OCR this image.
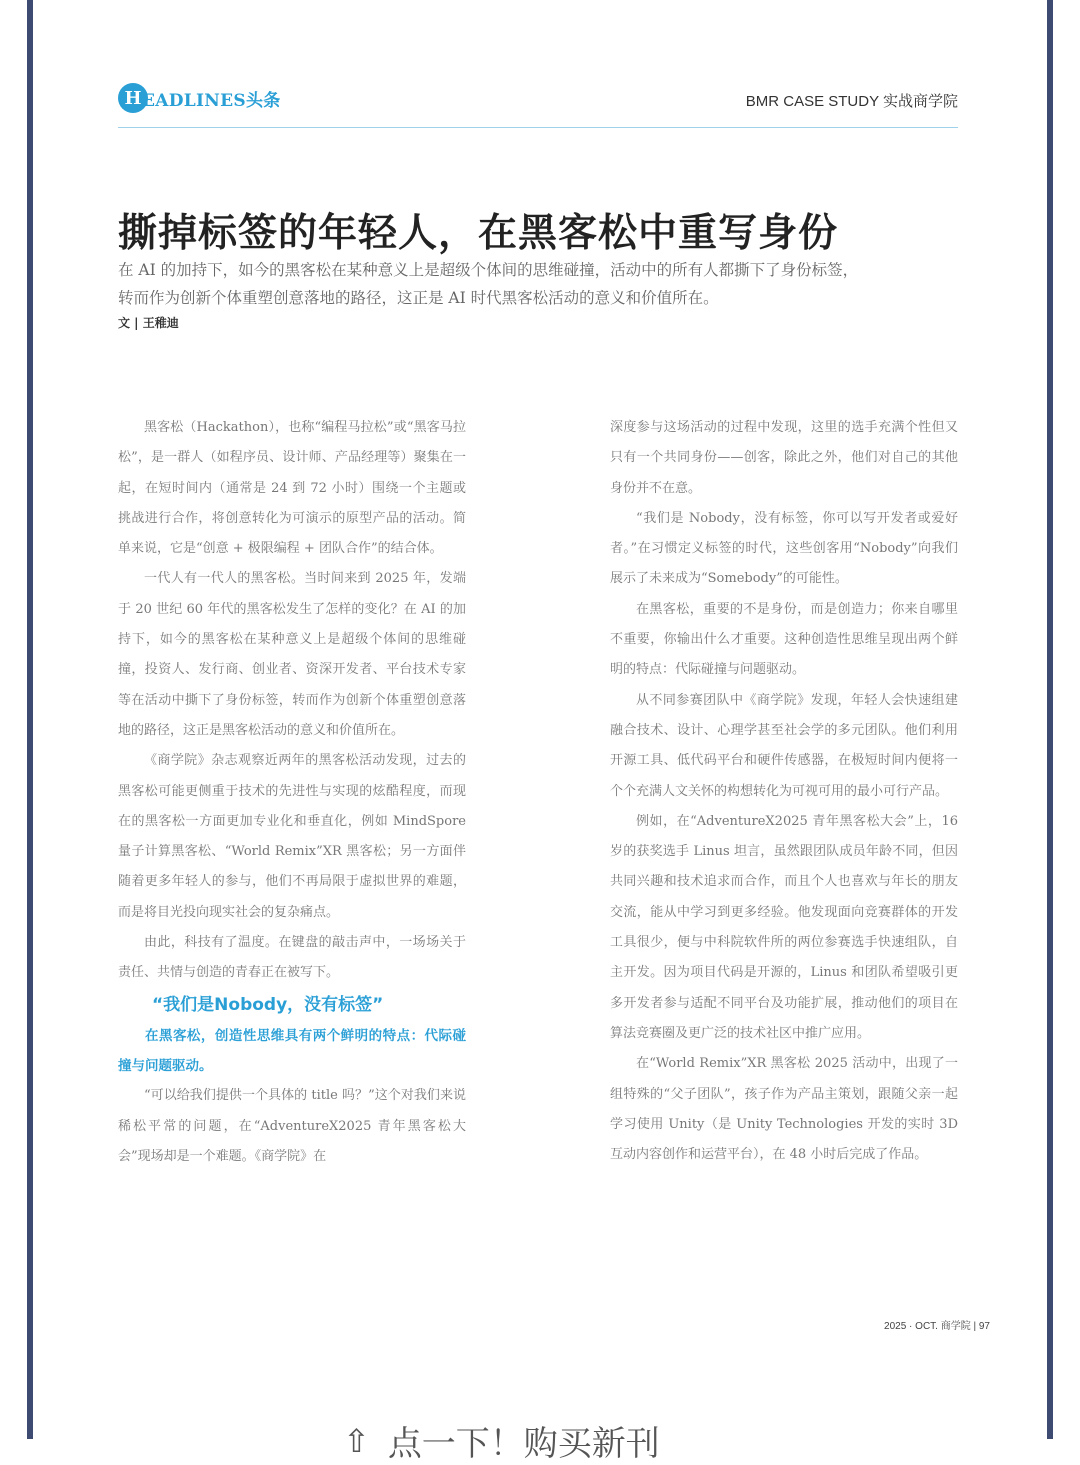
H EADLINES头条	BMR CASE STUDY 实战商学院
撕掉标签的年轻人，在黑客松中重写身份
在 AI 的加持下，如今的黑客松在某种意义上是超级个体间的思维碰撞，活动中的所有人都撕下了身份标签，
转而作为创新个体重塑创意落地的路径，这正是 AI 时代黑客松活动的意义和价值所在。
文 | 王稚迪

黑客松（Hackathon），也称“编程马拉松”或“黑客马拉松”，是一群人（如程序员、设计师、产品经理等）聚集在一起，在短时间内（通常是 24 到 72 小时）围绕一个主题或挑战进行合作，将创意转化为可演示的原型产品的活动。简单来说，它是“创意 + 极限编程 + 团队合作”的结合体。

一代人有一代人的黑客松。当时间来到 2025 年，发端于 20 世纪 60 年代的黑客松发生了怎样的变化？在 AI 的加持下，如今的黑客松在某种意义上是超级个体间的思维碰撞，投资人、发行商、创业者、资深开发者、平台技术专家等在活动中撕下了身份标签，转而作为创新个体重塑创意落地的路径，这正是黑客松活动的意义和价值所在。

《商学院》杂志观察近两年的黑客松活动发现，过去的黑客松可能更侧重于技术的先进性与实现的炫酷程度，而现在的黑客松一方面更加专业化和垂直化，例如 MindSpore 量子计算黑客松、“World Remix”XR 黑客松；另一方面伴随着更多年轻人的参与，他们不再局限于虚拟世界的难题，而是将目光投向现实社会的复杂痛点。

由此，科技有了温度。在键盘的敲击声中，一场场关于责任、共情与创造的青春正在被写下。

“我们是Nobody，没有标签”

在黑客松，创造性思维具有两个鲜明的特点：代际碰撞与问题驱动。

“可以给我们提供一个具体的 title 吗？”这个对我们来说稀松平常的问题，在“AdventureX2025 青年黑客松大会”现场却是一个难题。《商学院》在

深度参与这场活动的过程中发现，这里的选手充满个性但又只有一个共同身份——创客，除此之外，他们对自己的其他身份并不在意。

“我们是 Nobody，没有标签，你可以写开发者或爱好者。”在习惯定义标签的时代，这些创客用“Nobody”向我们展示了未来成为“Somebody”的可能性。

在黑客松，重要的不是身份，而是创造力；你来自哪里不重要，你输出什么才重要。这种创造性思维呈现出两个鲜明的特点：代际碰撞与问题驱动。

从不同参赛团队中《商学院》发现，年轻人会快速组建融合技术、设计、心理学甚至社会学的多元团队。他们利用开源工具、低代码平台和硬件传感器，在极短时间内便将一个个充满人文关怀的构想转化为可视可用的最小可行产品。

例如，在“AdventureX2025 青年黑客松大会”上，16 岁的获奖选手 Linus 坦言，虽然跟团队成员年龄不同，但因共同兴趣和技术追求而合作，而且个人也喜欢与年长的朋友交流，能从中学习到更多经验。他发现面向竞赛群体的开发工具很少，便与中科院软件所的两位参赛选手快速组队，自主开发。因为项目代码是开源的，Linus 和团队希望吸引更多开发者参与适配不同平台及功能扩展，推动他们的项目在算法竞赛圈及更广泛的技术社区中推广应用。

在“World Remix”XR 黑客松 2025 活动中，出现了一组特殊的“父子团队”，孩子作为产品主策划，跟随父亲一起学习使用 Unity（是 Unity Technologies 开发的实时 3D 互动内容创作和运营平台），在 48 小时后完成了作品。

2025 · OCT. 商学院 | 97
⇧ 点一下！购买新刊
